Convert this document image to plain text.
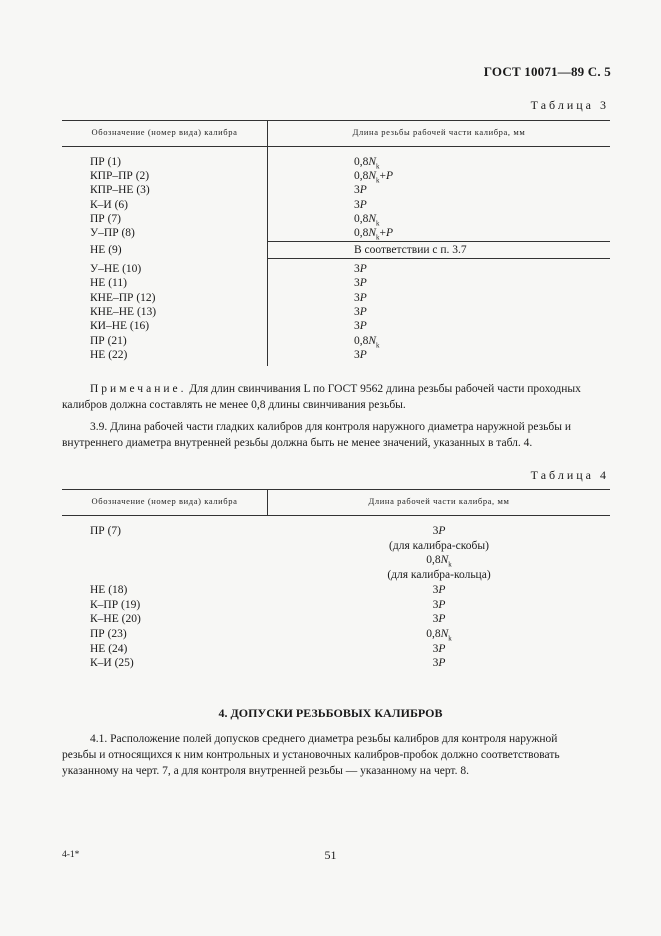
ГОСТ 10071—89 С. 5
Таблица 3
Обозначение (номер вида) калибра	Длина резьбы рабочей части калибра, мм
ПР (1)	$0,8N_k$
КПР–ПР (2)	$0,8N_k+P$
КПР–НЕ (3)	3P
К–И (6)	3P
ПР (7)	$0,8N_k$
У–ПР (8)	$0,8N_k+P$
НЕ (9)	В соответствии с п. 3.7
У–НЕ (10)	3P
НЕ (11)	3P
КНЕ–ПР (12)	3P
КНЕ–НЕ (13)	3P
КИ–НЕ (16)	3P
ПР (21)	$0,8N_k$
НЕ (22)	3P
Примечание. Для длин свинчивания L по ГОСТ 9562 длина резьбы рабочей части проходных
калибров должна составлять не менее 0,8 длины свинчивания резьбы.
3.9. Длина рабочей части гладких калибров для контроля наружного диаметра наружной резьбы и
внутреннего диаметра внутренней резьбы должна быть не менее значений, указанных в табл. 4.
Таблица 4
Обозначение (номер вида) калибра	Длина рабочей части калибра, мм
ПР (7)	3P
(для калибра-скобы)
$0,8N_k$
(для калибра-кольца)
НЕ (18)	3P
К–ПР (19)	3P
К–НЕ (20)	3P
ПР (23)	$0,8N_k$
НЕ (24)	3P
К–И (25)	3P
4. ДОПУСКИ РЕЗЬБОВЫХ КАЛИБРОВ
4.1. Расположение полей допусков среднего диаметра резьбы калибров для контроля наружной
резьбы и относящихся к ним контрольных и установочных калибров-пробок должно соответствовать
указанному на черт. 7, а для контроля внутренней резьбы — указанному на черт. 8.
4-1*	51
